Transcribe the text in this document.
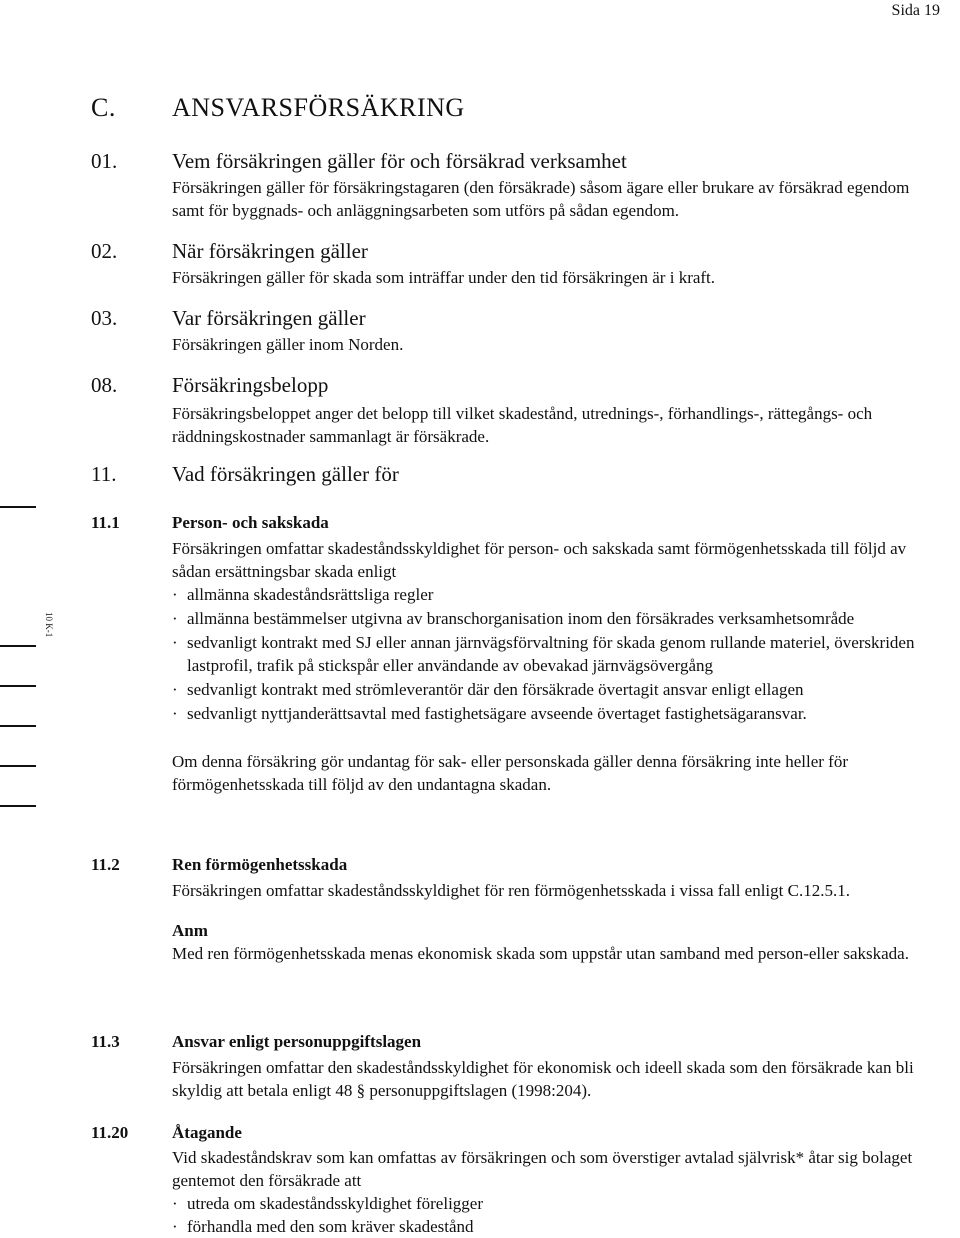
Sida 19
C. ANSVARSFÖRSÄKRING
10 K-1
01.	Vem försäkringen gäller för och försäkrad verksamhet
Försäkringen gäller för försäkringstagaren (den försäkrade) såsom ägare eller brukare av försäkrad egendom samt för byggnads- och anläggningsarbeten som utförs på sådan egendom.
02.	När försäkringen gäller
Försäkringen gäller för skada som inträffar under den tid försäkringen är i kraft.
03.	Var försäkringen gäller
Försäkringen gäller inom Norden.
08.	Försäkringsbelopp
Försäkringsbeloppet anger det belopp till vilket skadestånd, utrednings-, förhandlings-, rättegångs- och räddningskostnader sammanlagt är försäkrade.
11.	Vad försäkringen gäller för
11.1	Person- och sakskada
Försäkringen omfattar skadeståndsskyldighet för person- och sakskada samt förmögenhetsskada till följd av sådan ersättningsbar skada enligt
· allmänna skadeståndsrättsliga regler
· allmänna bestämmelser utgivna av branschorganisation inom den försäkrades verksamhetsområde
· sedvanligt kontrakt med SJ eller annan järnvägsförvaltning för skada genom rullande materiel, överskriden lastprofil, trafik på stickspår eller användande av obevakad järnvägsövergång
· sedvanligt kontrakt med strömleverantör där den försäkrade övertagit ansvar enligt ellagen
· sedvanligt nyttjanderättsavtal med fastighetsägare avseende övertaget fastighetsägaransvar.
Om denna försäkring gör undantag för sak- eller personskada gäller denna försäkring inte heller för förmögenhetsskada till följd av den undantagna skadan.
11.2	Ren förmögenhetsskada
Försäkringen omfattar skadeståndsskyldighet för ren förmögenhetsskada i vissa fall enligt C.12.5.1.
Anm
Med ren förmögenhetsskada menas ekonomisk skada som uppstår utan samband med person-eller sakskada.
11.3	Ansvar enligt personuppgiftslagen
Försäkringen omfattar den skadeståndsskyldighet för ekonomisk och ideell skada som den försäkrade kan bli skyldig att betala enligt 48 § personuppgiftslagen (1998:204).
11.20	Åtagande
Vid skadeståndskrav som kan omfattas av försäkringen och som överstiger avtalad självrisk* åtar sig bolaget gentemot den försäkrade att
· utreda om skadeståndsskyldighet föreligger
· förhandla med den som kräver skadestånd
